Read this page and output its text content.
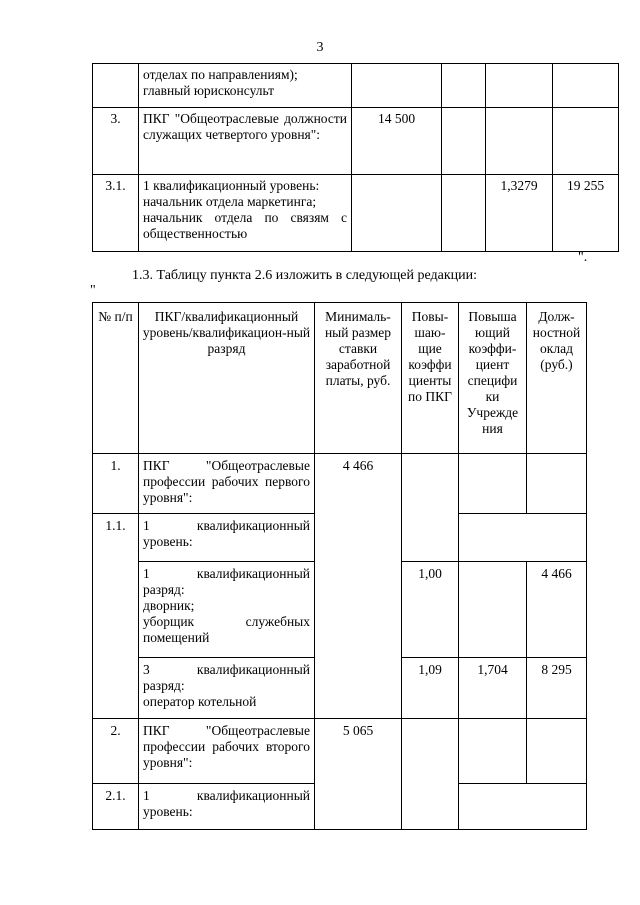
3

	отделах по направлениям);
главный юрисконсульт				

3.	ПКГ "Общеотраслевые должности служащих четвертого уровня":	14 500			
3.1.	1 квалификационный уровень:
начальник отдела маркетинга;
начальник отдела по связям с общественностью			1,3279	19 255
".
1.3. Таблицу пункта 2.6 изложить в следующей редакции:
"
№ п/п	ПКГ/квалификационный уровень/квалификацион-ный разряд	Минималь-ный размер ставки заработной платы, руб.	Повы-шаю-щие коэффи циенты по ПКГ	Повыша ющий коэффи-циент специфи ки Учрежде ния	Долж-ностной оклад (руб.)
1.	ПКГ "Общеотраслевые профессии рабочих первого уровня":	4 466			
1.1.	1 квалификационный уровень:				

	1 квалификационный разряд:
дворник;
уборщик служебных помещений		1,00		4 466

	3 квалификационный разряд:
оператор котельной		1,09	1,704	8 295
2.	ПКГ "Общеотраслевые профессии рабочих второго уровня":	5 065			
2.1.	1 квалификационный уровень:				
